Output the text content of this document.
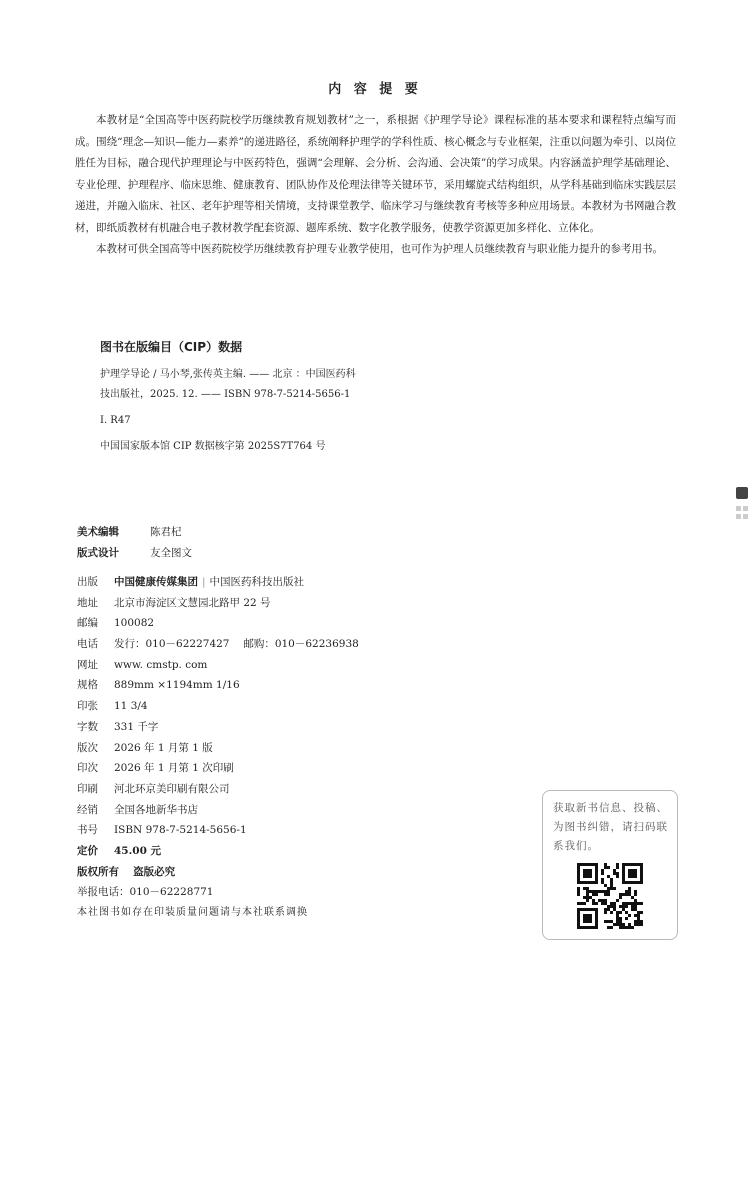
内 容 提 要

本教材是“全国高等中医药院校学历继续教育规划教材”之一，系根据《护理学导论》课程标准的基本要求和课程特点编写而成。围绕“理念—知识—能力—素养”的递进路径，系统阐释护理学的学科性质、核心概念与专业框架，注重以问题为牵引、以岗位胜任为目标，融合现代护理理论与中医药特色，强调“会理解、会分析、会沟通、会决策”的学习成果。内容涵盖护理学基础理论、专业伦理、护理程序、临床思维、健康教育、团队协作及伦理法律等关键环节，采用螺旋式结构组织，从学科基础到临床实践层层递进，并融入临床、社区、老年护理等相关情境，支持课堂教学、临床学习与继续教育考核等多种应用场景。本教材为书网融合教材，即纸质教材有机融合电子教材教学配套资源、题库系统、数字化教学服务，使教学资源更加多样化、立体化。

本教材可供全国高等中医药院校学历继续教育护理专业教学使用，也可作为护理人员继续教育与职业能力提升的参考用书。

图书在版编目（CIP）数据
护理学导论 / 马小琴,张传英主编. —— 北京 ：中国医药科
技出版社，2025. 12. —— ISBN 978-7-5214-5656-1
Ⅰ. R47
中国国家版本馆 CIP 数据核字第 2025S7T764 号
美术编辑	陈君杞
版式设计	友全图文
出版 中国健康传媒集团 | 中国医药科技出版社
地址 北京市海淀区文慧园北路甲 22 号
邮编 100082
电话 发行：010－62227427　 邮购：010－62236938
网址 www. cmstp. com
规格 889mm ×1194mm 1/16
印张 11 3/4
字数 331 千字
版次 2026 年 1 月第 1 版
印次 2026 年 1 月第 1 次印刷
印刷 河北环京美印刷有限公司
经销 全国各地新华书店
书号 ISBN 978-7-5214-5656-1
定价 45.00 元
版权所有　 盗版必究
举报电话：010－62228771
本社图书如存在印装质量问题请与本社联系调换
获取新书信息、投稿、为图书纠错，请扫码联系我们。
